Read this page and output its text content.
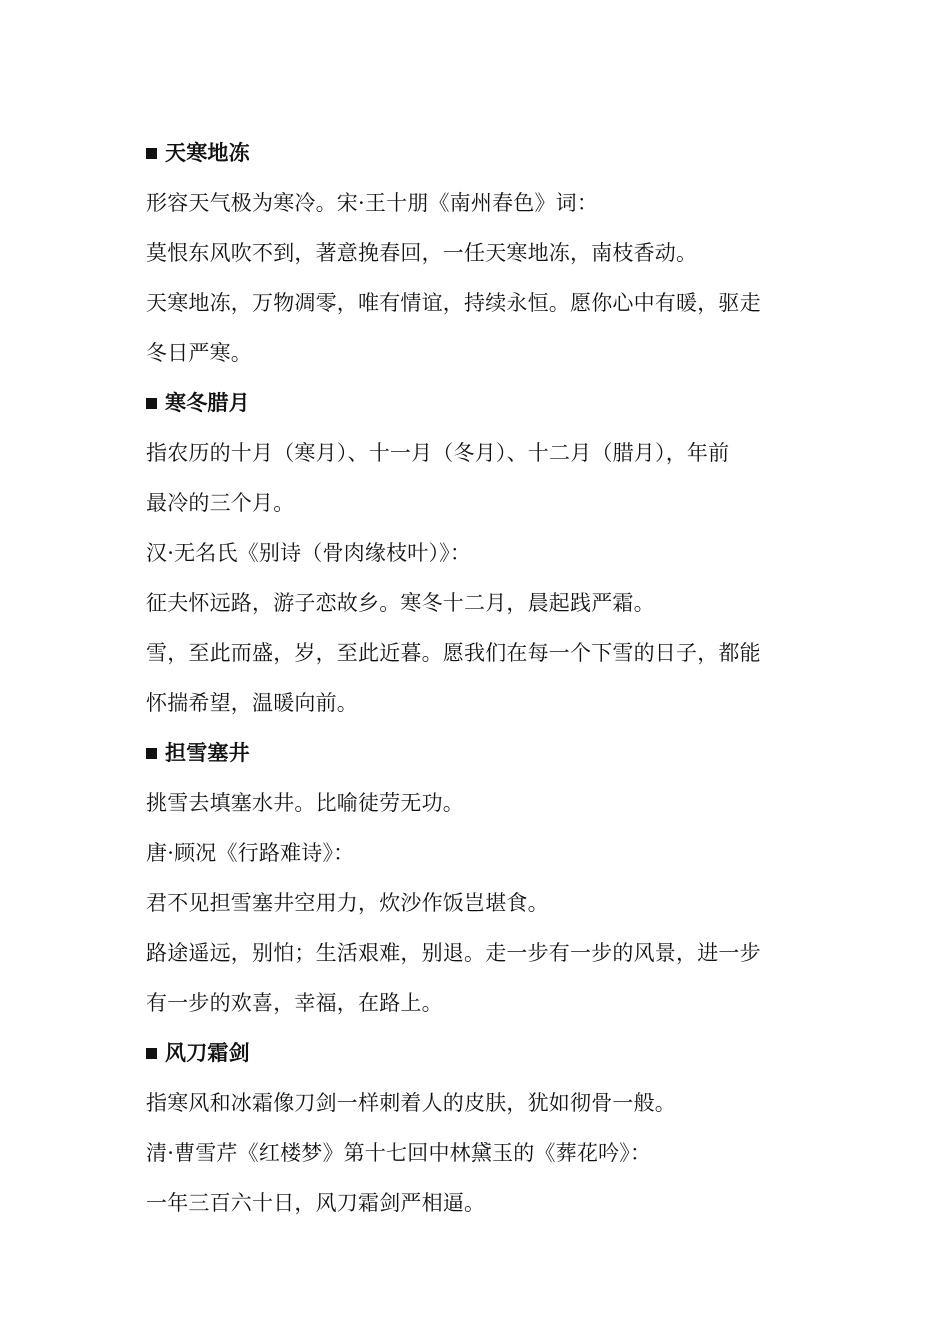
天寒地冻
形容天气极为寒冷。宋·王十朋《南州春色》词：
莫恨东风吹不到，著意挽春回，一任天寒地冻，南枝香动。
天寒地冻，万物凋零，唯有情谊，持续永恒。愿你心中有暖，驱走
冬日严寒。
寒冬腊月
指农历的十月（寒月）、十一月（冬月）、十二月（腊月），年前
最冷的三个月。
汉·无名氏《别诗（骨肉缘枝叶）》：
征夫怀远路，游子恋故乡。寒冬十二月，晨起践严霜。
雪，至此而盛，岁，至此近暮。愿我们在每一个下雪的日子，都能
怀揣希望，温暖向前。
担雪塞井
挑雪去填塞水井。比喻徒劳无功。
唐·顾况《行路难诗》：
君不见担雪塞井空用力，炊沙作饭岂堪食。
路途遥远，别怕；生活艰难，别退。走一步有一步的风景，进一步
有一步的欢喜，幸福，在路上。
风刀霜剑
指寒风和冰霜像刀剑一样刺着人的皮肤，犹如彻骨一般。
清·曹雪芹《红楼梦》第十七回中林黛玉的《葬花吟》：
一年三百六十日，风刀霜剑严相逼。
